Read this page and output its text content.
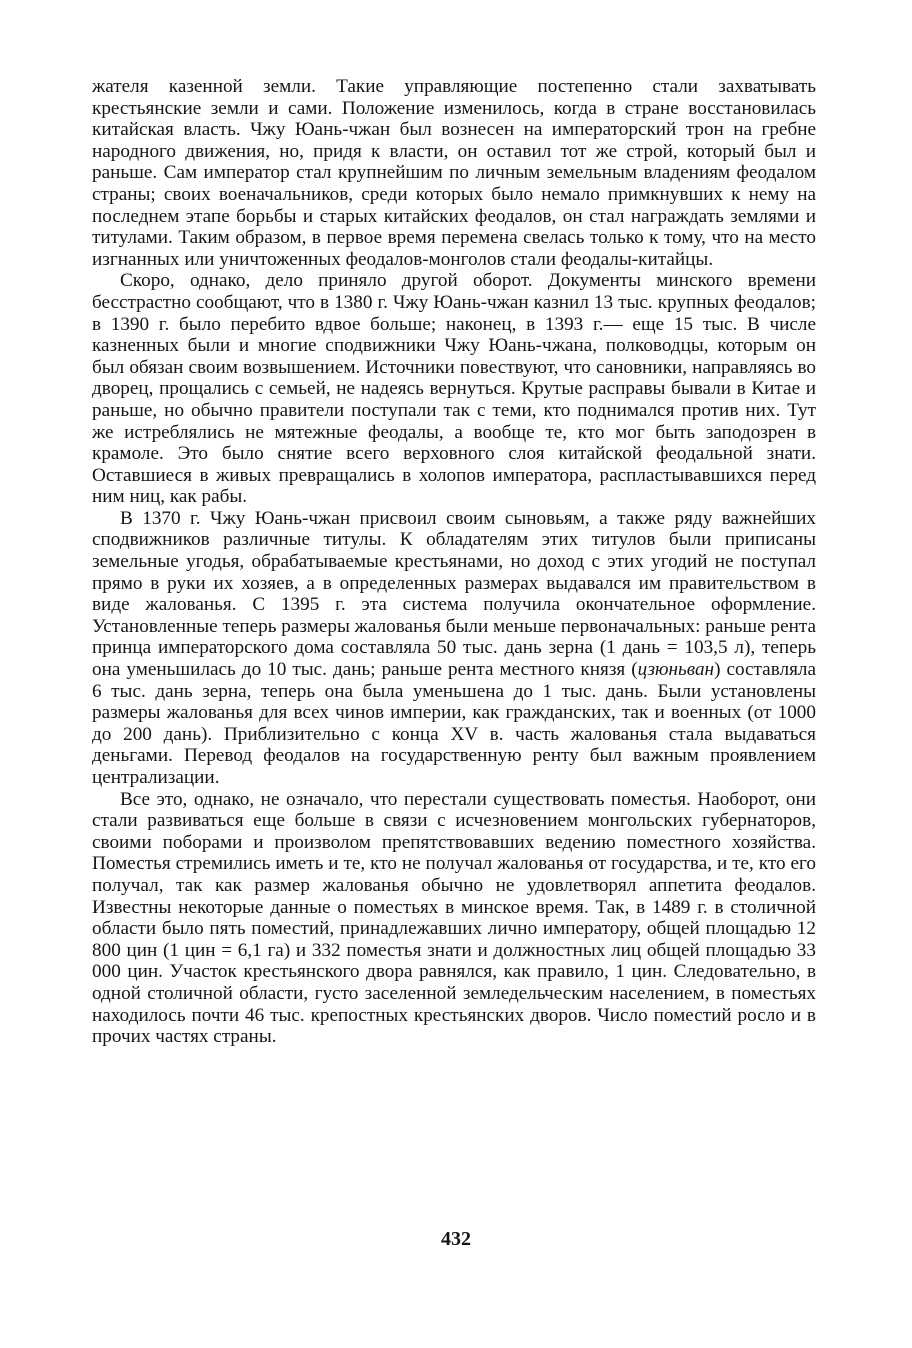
жателя казенной земли. Такие управляющие постепенно стали захватывать крестьянские земли и сами. Положение изменилось, когда в стране восстановилась китайская власть. Чжу Юань-чжан был вознесен на императорский трон на гребне народного движения, но, придя к власти, он оставил тот же строй, который был и раньше. Сам император стал крупнейшим по личным земельным владениям феодалом страны; своих военачальников, среди которых было немало примкнувших к нему на последнем этапе борьбы и старых китайских феодалов, он стал награждать землями и титулами. Таким образом, в первое время перемена свелась только к тому, что на место изгнанных или уничтоженных феодалов-монголов стали феодалы-китайцы.

Скоро, однако, дело приняло другой оборот. Документы минского времени бесстрастно сообщают, что в 1380 г. Чжу Юань-чжан казнил 13 тыс. крупных феодалов; в 1390 г. было перебито вдвое больше; наконец, в 1393 г.— еще 15 тыс. В числе казненных были и многие сподвижники Чжу Юань-чжана, полководцы, которым он был обязан своим возвышением. Источники повествуют, что сановники, направляясь во дворец, прощались с семьей, не надеясь вернуться. Крутые расправы бывали в Китае и раньше, но обычно правители поступали так с теми, кто поднимался против них. Тут же истреблялись не мятежные феодалы, а вообще те, кто мог быть заподозрен в крамоле. Это было снятие всего верховного слоя китайской феодальной знати. Оставшиеся в живых превращались в холопов императора, распластывавшихся перед ним ниц, как рабы.

В 1370 г. Чжу Юань-чжан присвоил своим сыновьям, а также ряду важнейших сподвижников различные титулы. К обладателям этих титулов были приписаны земельные угодья, обрабатываемые крестьянами, но доход с этих угодий не поступал прямо в руки их хозяев, а в определенных размерах выдавался им правительством в виде жалованья. С 1395 г. эта система получила окончательное оформление. Установленные теперь размеры жалованья были меньше первоначальных: раньше рента принца императорского дома составляла 50 тыс. дань зерна (1 дань = 103,5 л), теперь она уменьшилась до 10 тыс. дань; раньше рента местного князя (цзюньван) составляла 6 тыс. дань зерна, теперь она была уменьшена до 1 тыс. дань. Были установлены размеры жалованья для всех чинов империи, как гражданских, так и военных (от 1000 до 200 дань). Приблизительно с конца XV в. часть жалованья стала выдаваться деньгами. Перевод феодалов на государственную ренту был важным проявлением централизации.

Все это, однако, не означало, что перестали существовать поместья. Наоборот, они стали развиваться еще больше в связи с исчезновением монгольских губернаторов, своими поборами и произволом препятствовавших ведению поместного хозяйства. Поместья стремились иметь и те, кто не получал жалованья от государства, и те, кто его получал, так как размер жалованья обычно не удовлетворял аппетита феодалов. Известны некоторые данные о поместьях в минское время. Так, в 1489 г. в столичной области было пять поместий, принадлежавших лично императору, общей площадью 12 800 цин (1 цин = 6,1 га) и 332 поместья знати и должностных лиц общей площадью 33 000 цин. Участок крестьянского двора равнялся, как правило, 1 цин. Следовательно, в одной столичной области, густо заселенной земледельческим населением, в поместьях находилось почти 46 тыс. крепостных крестьянских дворов. Число поместий росло и в прочих частях страны.

432
